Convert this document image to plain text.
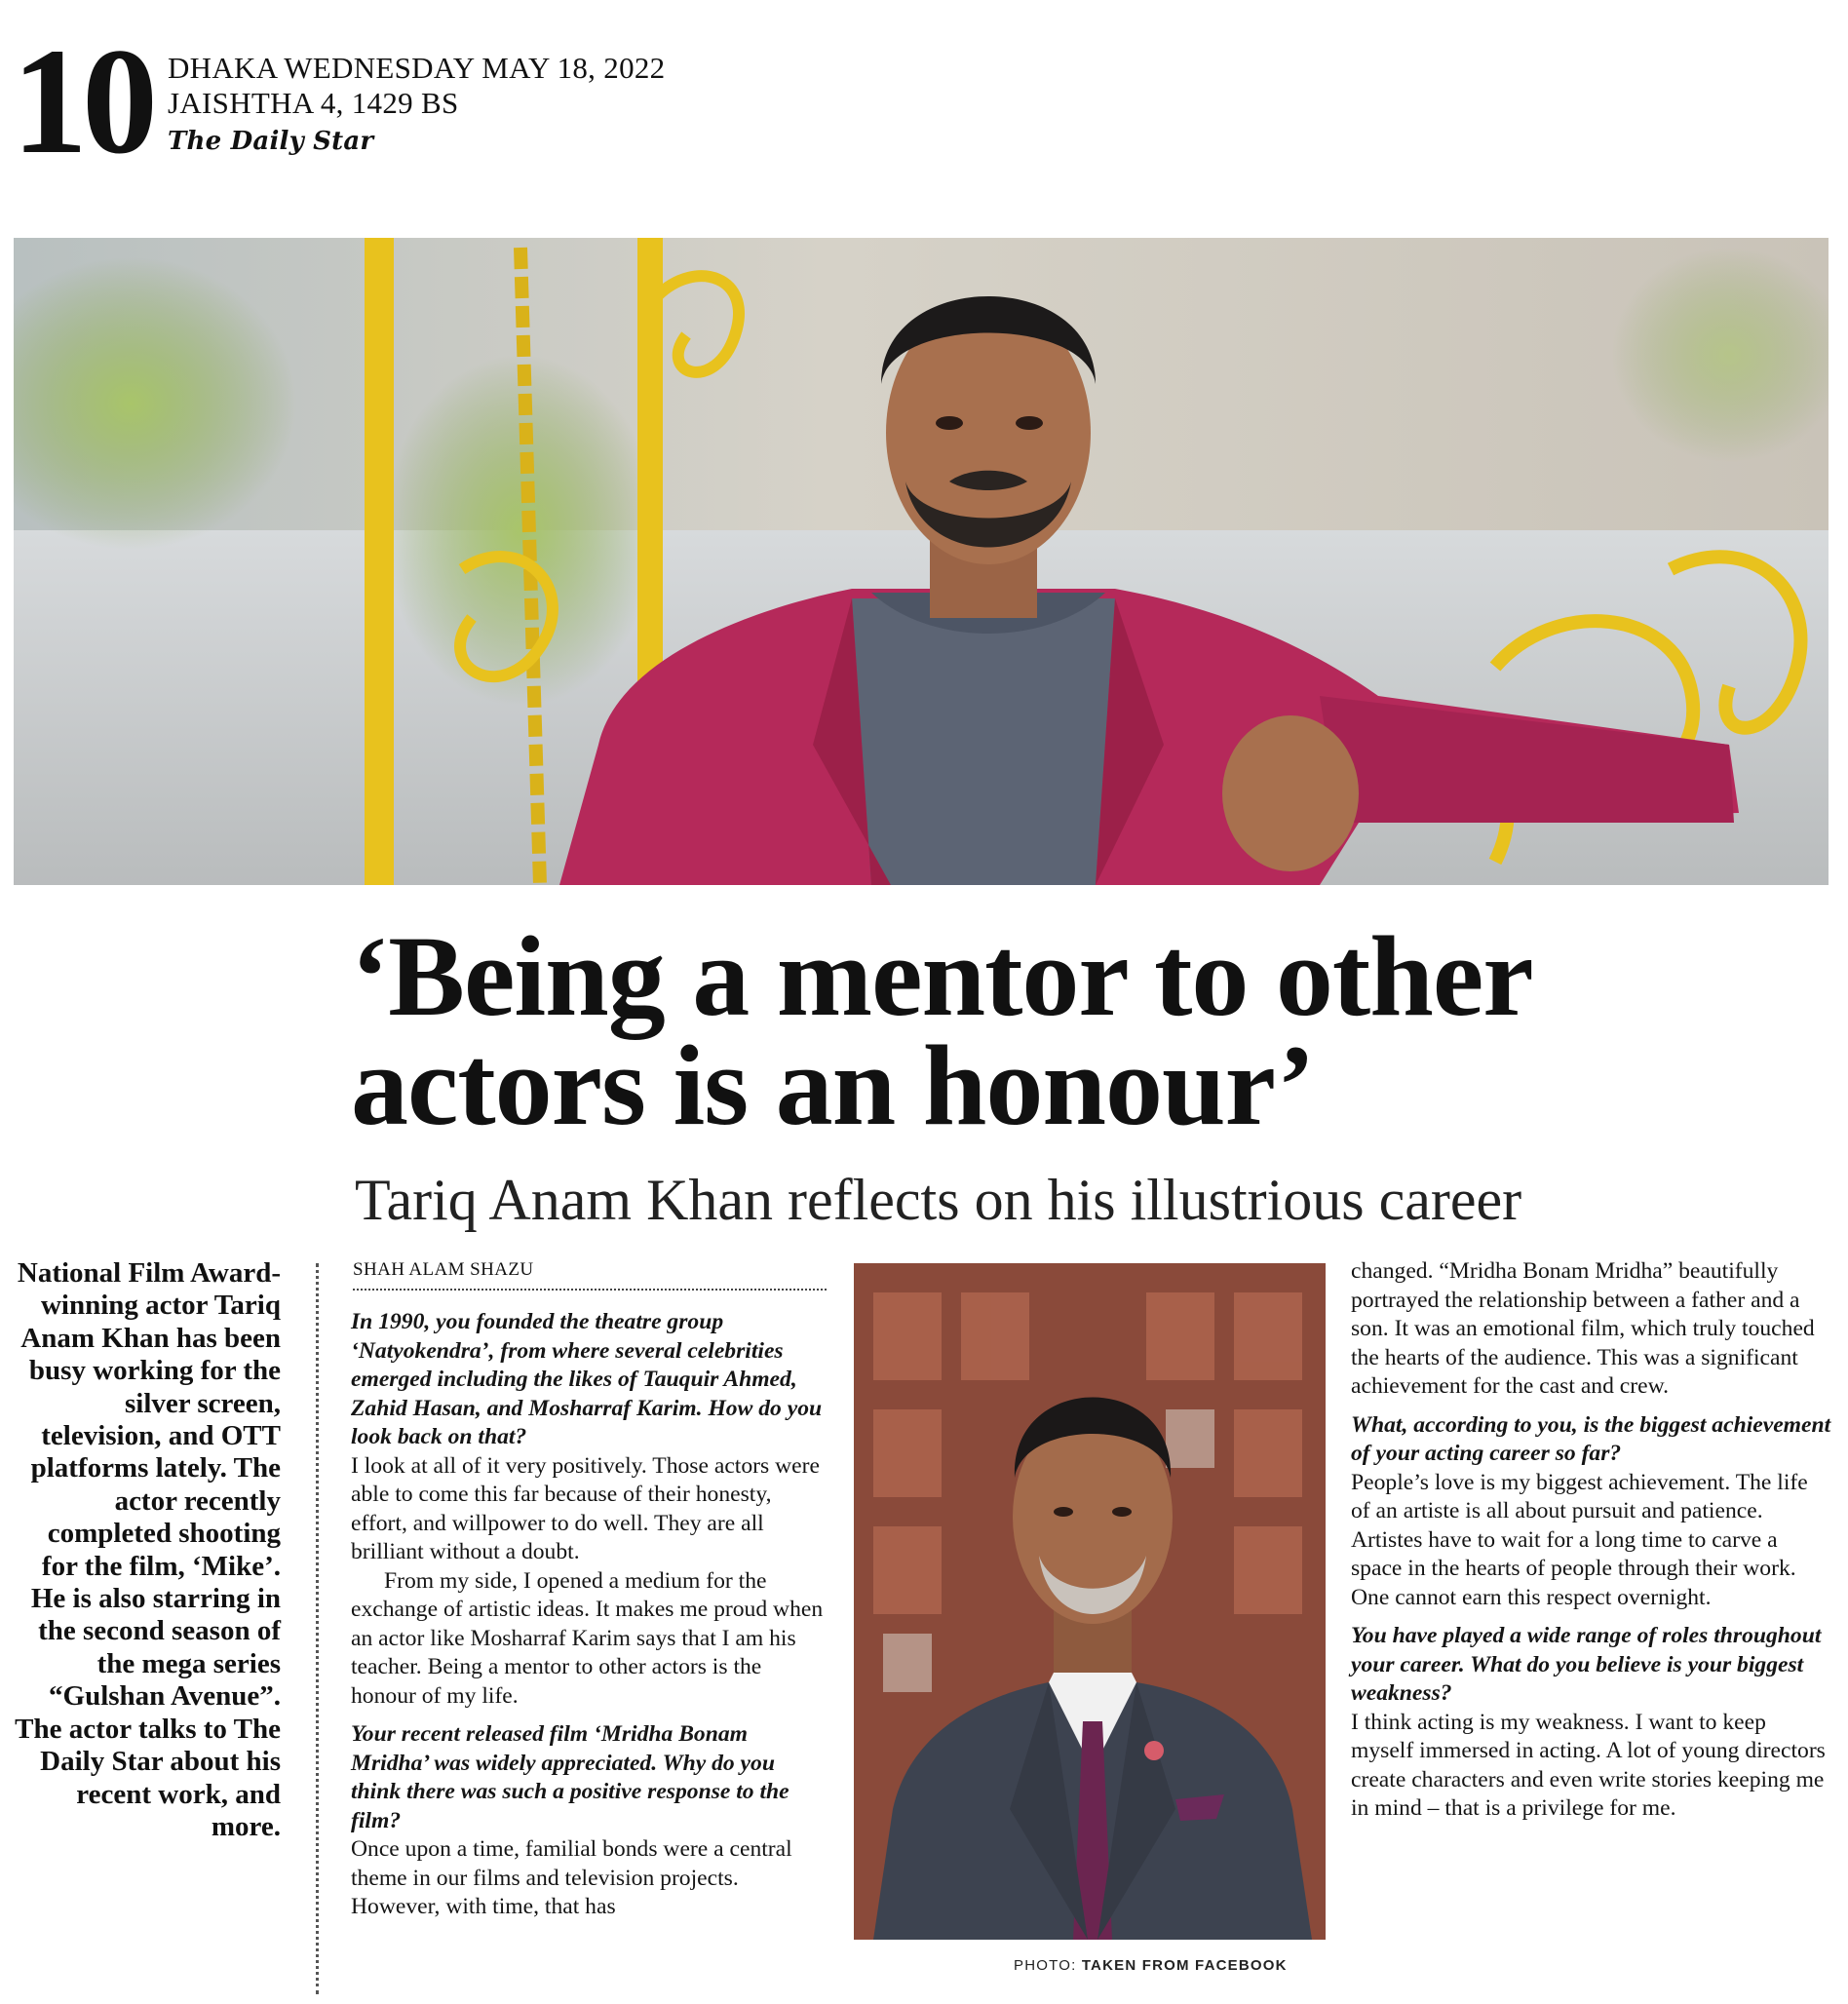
10 DHAKA WEDNESDAY MAY 18, 2022
JAISHTHA 4, 1429 BS
The Daily Star
‘Being a mentor to other
actors is an honour’
Tariq Anam Khan reflects on his illustrious career
National Film Award-winning actor Tariq Anam Khan has been busy working for the silver screen, television, and OTT platforms lately. The actor recently completed shooting for the film, ‘Mike’. He is also starring in the second season of the mega series “Gulshan Avenue”. The actor talks to The Daily Star about his recent work, and more.
SHAH ALAM SHAZU

In 1990, you founded the theatre group ‘Natyokendra’, from where several celebrities emerged including the likes of Tauquir Ahmed, Zahid Hasan, and Mosharraf Karim. How do you look back on that?

I look at all of it very positively. Those actors were able to come this far because of their honesty, effort, and willpower to do well. They are all brilliant without a doubt.

From my side, I opened a medium for the exchange of artistic ideas. It makes me proud when an actor like Mosharraf Karim says that I am his teacher. Being a mentor to other actors is the honour of my life.

Your recent released film ‘Mridha Bonam Mridha’ was widely appreciated. Why do you think there was such a positive response to the film?

Once upon a time, familial bonds were a central theme in our films and television projects. However, with time, that has

PHOTO: TAKEN FROM FACEBOOK

changed. “Mridha Bonam Mridha” beautifully portrayed the relationship between a father and a son. It was an emotional film, which truly touched the hearts of the audience. This was a significant achievement for the cast and crew.

What, according to you, is the biggest achievement of your acting career so far?

People’s love is my biggest achievement. The life of an artiste is all about pursuit and patience. Artistes have to wait for a long time to carve a space in the hearts of people through their work. One cannot earn this respect overnight.

You have played a wide range of roles throughout your career. What do you believe is your biggest weakness?

I think acting is my weakness. I want to keep myself immersed in acting. A lot of young directors create characters and even write stories keeping me in mind – that is a privilege for me.
